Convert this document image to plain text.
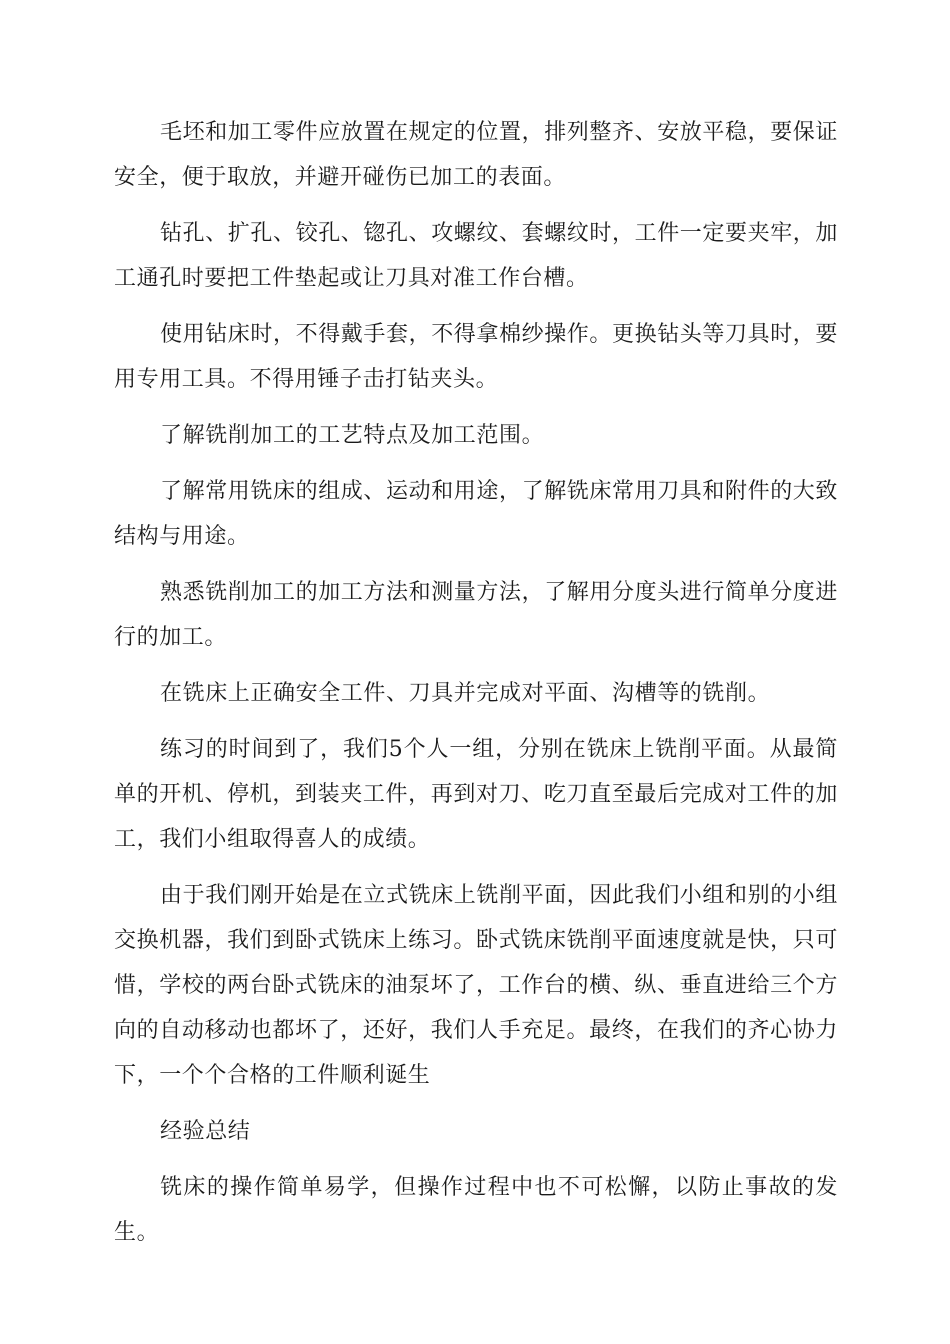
毛坯和加工零件应放置在规定的位置，排列整齐、安放平稳，要保证安全，便于取放，并避开碰伤已加工的表面。

钻孔、扩孔、铰孔、锪孔、攻螺纹、套螺纹时，工件一定要夹牢，加工通孔时要把工件垫起或让刀具对准工作台槽。

使用钻床时，不得戴手套，不得拿棉纱操作。更换钻头等刀具时，要用专用工具。不得用锤子击打钻夹头。

了解铣削加工的工艺特点及加工范围。

了解常用铣床的组成、运动和用途，了解铣床常用刀具和附件的大致结构与用途。

熟悉铣削加工的加工方法和测量方法，了解用分度头进行简单分度进行的加工。

在铣床上正确安全工件、刀具并完成对平面、沟槽等的铣削。

练习的时间到了，我们5个人一组，分别在铣床上铣削平面。从最简单的开机、停机，到装夹工件，再到对刀、吃刀直至最后完成对工件的加工，我们小组取得喜人的成绩。

由于我们刚开始是在立式铣床上铣削平面，因此我们小组和别的小组交换机器，我们到卧式铣床上练习。卧式铣床铣削平面速度就是快，只可惜，学校的两台卧式铣床的油泵坏了，工作台的横、纵、垂直进给三个方向的自动移动也都坏了，还好，我们人手充足。最终，在我们的齐心协力下，一个个合格的工件顺利诞生

经验总结

铣床的操作简单易学，但操作过程中也不可松懈，以防止事故的发生。
